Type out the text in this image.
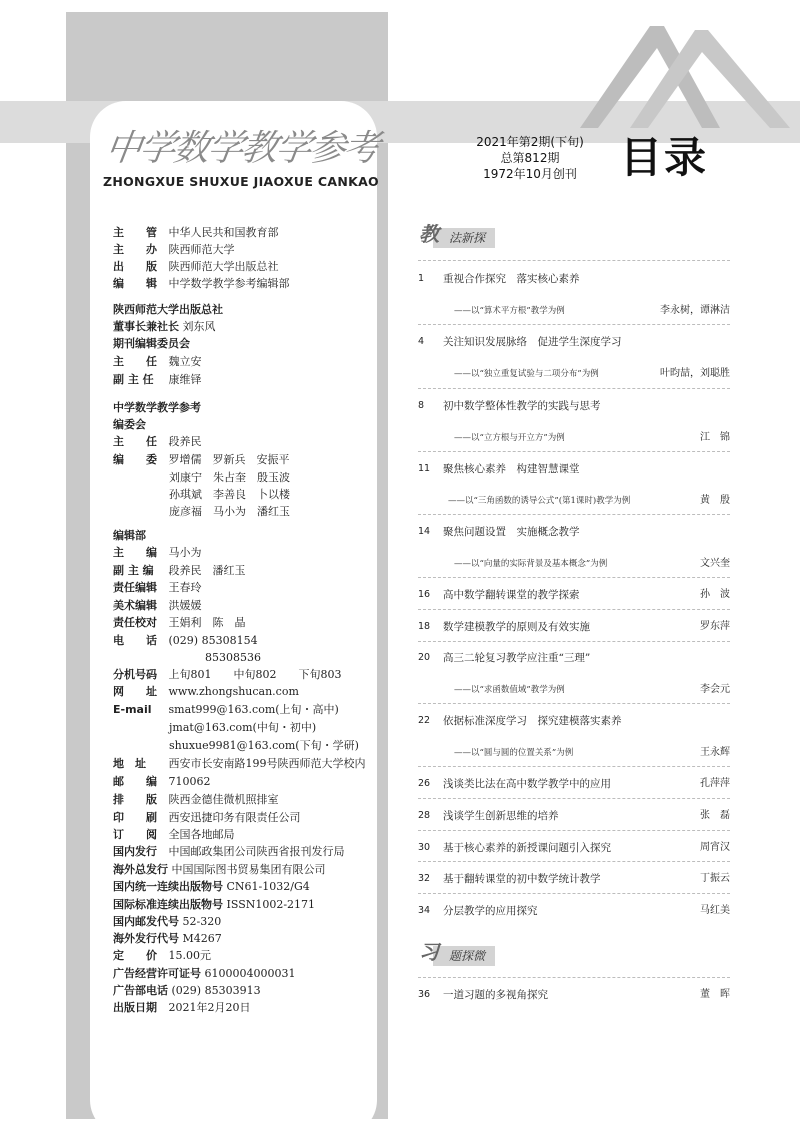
中学数学教学参考
ZHONGXUE SHUXUE JIAOXUE CANKAO
2021年第2期(下旬)
总第812期
1972年10月创刊	目录
主　　管 中华人民共和国教育部
主　　办 陕西师范大学
出　　版 陕西师范大学出版总社
编　　辑 中学数学教学参考编辑部
陕西师范大学出版总社
董事长兼社长 刘东风
期刊编辑委员会
主　　任 魏立安
副 主 任 康维铎
中学数学教学参考
编委会
主　　任 段养民
编　　委 罗增儒　罗新兵　安振平
刘康宁　朱占奎　殷玉波
孙琪斌　李善良　卜以楼
庞彦福　马小为　潘红玉
编辑部
主　　编 马小为
副 主 编 段养民　潘红玉
责任编辑 王春玲
美术编辑 洪媛媛
责任校对 王娟利　陈　晶
电　　话 (029) 85308154
85308536
分机号码 上旬801　　中旬802　　下旬803
网　　址 www.zhongshucan.com
E-mail smat999@163.com(上旬・高中)
jmat@163.com(中旬・初中)
shuxue9981@163.com(下旬・学研)
地　址 西安市长安南路199号陕西师范大学校内
邮　　编 710062
排　　版 陕西金德佳微机照排室
印　　刷 西安迅捷印务有限责任公司
订　　阅 全国各地邮局
国内发行 中国邮政集团公司陕西省报刊发行局
海外总发行 中国国际图书贸易集团有限公司
国内统一连续出版物号 CN61-1032/G4
国际标准连续出版物号 ISSN1002-2171
国内邮发代号 52-320
海外发行代号 M4267
定　　价 15.00元
广告经营许可证号 6100004000031
广告部电话 (029) 85303913
出版日期 2021年2月20日
　法新探
教
　题探微
习
1	重视合作探究　落实核心素养
——以“算术平方根”教学为例	李永树，谭淋洁
4	关注知识发展脉络　促进学生深度学习
——以“独立重复试验与二项分布”为例	叶昀喆，刘聪胜
8	初中数学整体性教学的实践与思考
——以“立方根与开立方”为例	江　锦
11	聚焦核心素养　构建智慧课堂
——以“三角函数的诱导公式”(第1课时)教学为例	黄　殷
14	聚焦问题设置　实施概念教学
——以“向量的实际背景及基本概念”为例	文兴奎
16	高中数学翻转课堂的教学探索	孙　波
18	数学建模教学的原则及有效实施	罗东萍
20	高三二轮复习教学应注重“三理”
——以“求函数值域”教学为例	李会元
22	依据标准深度学习　探究建模落实素养
——以“圆与圆的位置关系”为例	王永辉
26	浅谈类比法在高中数学教学中的应用	孔萍萍
28	浅谈学生创新思维的培养	张　磊
30	基于核心素养的新授课问题引入探究	周宵汉
32	基于翻转课堂的初中数学统计教学	丁振云
34	分层教学的应用探究	马红美
36	一道习题的多视角探究	董　晖
